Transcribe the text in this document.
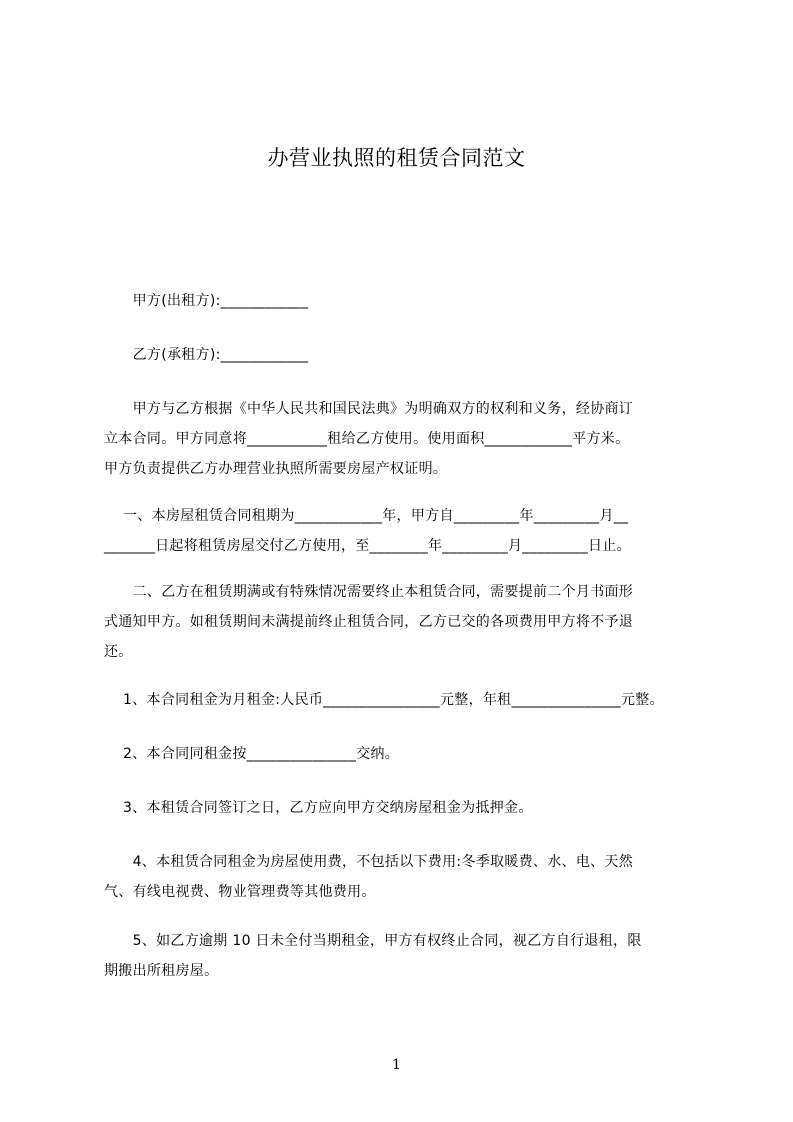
办营业执照的租赁合同范文
　　甲方(出租方):____________
　　乙方(承租方):____________
　　甲方与乙方根据《中华人民共和国民法典》为明确双方的权利和义务，经协商订
立本合同。甲方同意将___________租给乙方使用。使用面积____________平方米。
甲方负责提供乙方办理营业执照所需要房屋产权证明。
　 一、本房屋租赁合同租期为____________年，甲方自_________年_________月__
_______日起将租赁房屋交付乙方使用，至________年_________月_________日止。
　　二、乙方在租赁期满或有特殊情况需要终止本租赁合同，需要提前二个月书面形
式通知甲方。如租赁期间未满提前终止租赁合同，乙方已交的各项费用甲方将不予退
还。
　 1、本合同租金为月租金:人民币________________元整，年租_______________元整。
　 2、本合同同租金按_______________交纳。
　 3、本租赁合同签订之日，乙方应向甲方交纳房屋租金为抵押金。
　　4、本租赁合同租金为房屋使用费，不包括以下费用:冬季取暖费、水、电、天然
气、有线电视费、物业管理费等其他费用。
　　5、如乙方逾期 10 日未全付当期租金，甲方有权终止合同，视乙方自行退租，限
期搬出所租房屋。
1
